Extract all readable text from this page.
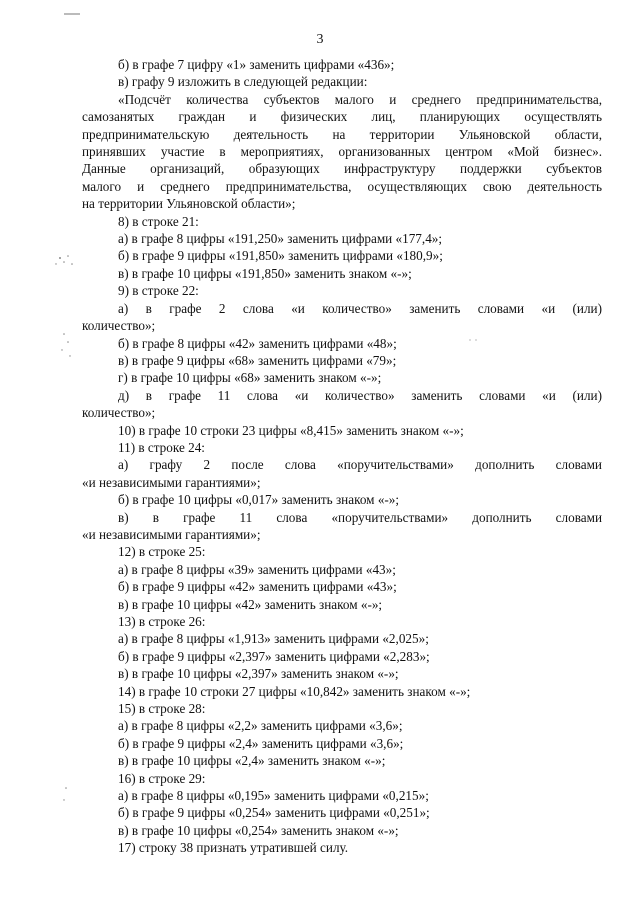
3
б) в графе 7 цифру «1» заменить цифрами «436»;
в) графу 9 изложить в следующей редакции:
«Подсчёт количества субъектов малого и среднего предпринимательства,
самозанятых граждан и физических лиц, планирующих осуществлять
предпринимательскую деятельность на территории Ульяновской области,
принявших участие в мероприятиях, организованных центром «Мой бизнес».
Данные организаций, образующих инфраструктуру поддержки субъектов
малого и среднего предпринимательства, осуществляющих свою деятельность
на территории Ульяновской области»;
8) в строке 21:
а) в графе 8 цифры «191,250» заменить цифрами «177,4»;
б) в графе 9 цифры «191,850» заменить цифрами «180,9»;
в) в графе 10 цифры «191,850» заменить знаком «-»;
9) в строке 22:
а) в графе 2 слова «и количество» заменить словами «и (или)
количество»;
б) в графе 8 цифры «42» заменить цифрами «48»;
в) в графе 9 цифры «68» заменить цифрами «79»;
г) в графе 10 цифры «68» заменить знаком «-»;
д) в графе 11 слова «и количество» заменить словами «и (или)
количество»;
10) в графе 10 строки 23 цифры «8,415» заменить знаком «-»;
11) в строке 24:
а) графу 2 после слова «поручительствами» дополнить словами
«и независимыми гарантиями»;
б) в графе 10 цифры «0,017» заменить знаком «-»;
в) в графе 11 слова «поручительствами» дополнить словами
«и независимыми гарантиями»;
12) в строке 25:
а) в графе 8 цифры «39» заменить цифрами «43»;
б) в графе 9 цифры «42» заменить цифрами «43»;
в) в графе 10 цифры «42» заменить знаком «-»;
13) в строке 26:
а) в графе 8 цифры «1,913» заменить цифрами «2,025»;
б) в графе 9 цифры «2,397» заменить цифрами «2,283»;
в) в графе 10 цифры «2,397» заменить знаком «-»;
14) в графе 10 строки 27 цифры «10,842» заменить знаком «-»;
15) в строке 28:
а) в графе 8 цифры «2,2» заменить цифрами «3,6»;
б) в графе 9 цифры «2,4» заменить цифрами «3,6»;
в) в графе 10 цифры «2,4» заменить знаком «-»;
16) в строке 29:
а) в графе 8 цифры «0,195» заменить цифрами «0,215»;
б) в графе 9 цифры «0,254» заменить цифрами «0,251»;
в) в графе 10 цифры «0,254» заменить знаком «-»;
17) строку 38 признать утратившей силу.
